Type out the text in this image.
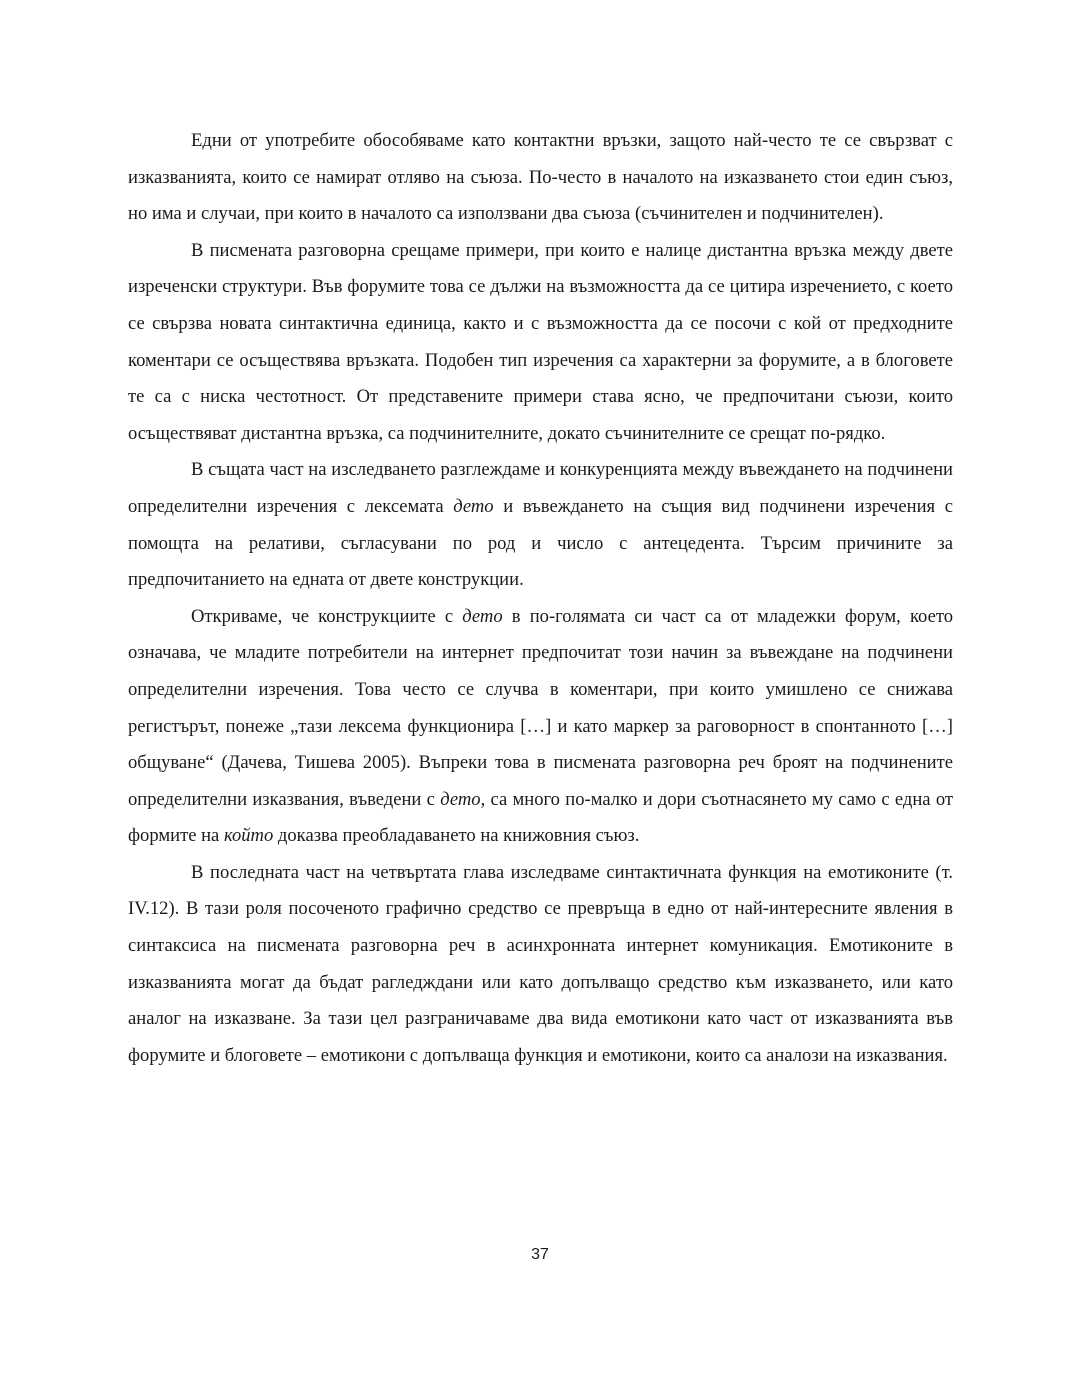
Едни от употребите обособяваме като контактни връзки, защото най-често те се свързват с изказванията, които се намират отляво на съюза. По-често в началото на изказването стои един съюз, но има и случаи, при които в началото са използвани два съюза (съчинителен и подчинителен).

В писмената разговорна срещаме примери, при които е налице дистантна връзка между двете изреченски структури. Във форумите това се дължи на възможността да се цитира изречението, с което се свързва новата синтактична единица, както и с възможността да се посочи с кой от предходните коментари се осъществява връзката. Подобен тип изречения са характерни за форумите, а в блоговете те са с ниска честотност. От представените примери става ясно, че предпочитани съюзи, които осъществяват дистантна връзка, са подчинителните, докато съчинителните се срещат по-рядко.

В същата част на изследването разглеждаме и конкуренцията между въвеждането на подчинени определителни изречения с лексемата дето и въвеждането на същия вид подчинени изречения с помощта на релативи, съгласувани по род и число с антецедента. Търсим причините за предпочитанието на едната от двете конструкции.

Откриваме, че конструкциите с дето в по-голямата си част са от младежки форум, което означава, че младите потребители на интернет предпочитат този начин за въвеждане на подчинени определителни изречения. Това често се случва в коментари, при които умишлено се снижава регистърът, понеже „тази лексема функционира […] и като маркер за раговорност в спонтанното […] общуване“ (Дачева, Тишева 2005). Въпреки това в писмената разговорна реч броят на подчинените определителни изказвания, въведени с дето, са много по-малко и дори съотнасянето му само с една от формите на който доказва преобладаването на книжовния съюз.

В последната част на четвъртата глава изследваме синтактичната функция на емотиконите (т. IV.12). В тази роля посоченото графично средство се превръща в едно от най-интересните явления в синтаксиса на писмената разговорна реч в асинхронната интернет комуникация. Емотиконите в изказванията могат да бъдат рагледждани или като допълващо средство към изказването, или като аналог на изказване. За тази цел разграничаваме два вида емотикони като част от изказванията във форумите и блоговете – емотикони с допълваща функция и емотикони, които са аналози на изказвания.

37
